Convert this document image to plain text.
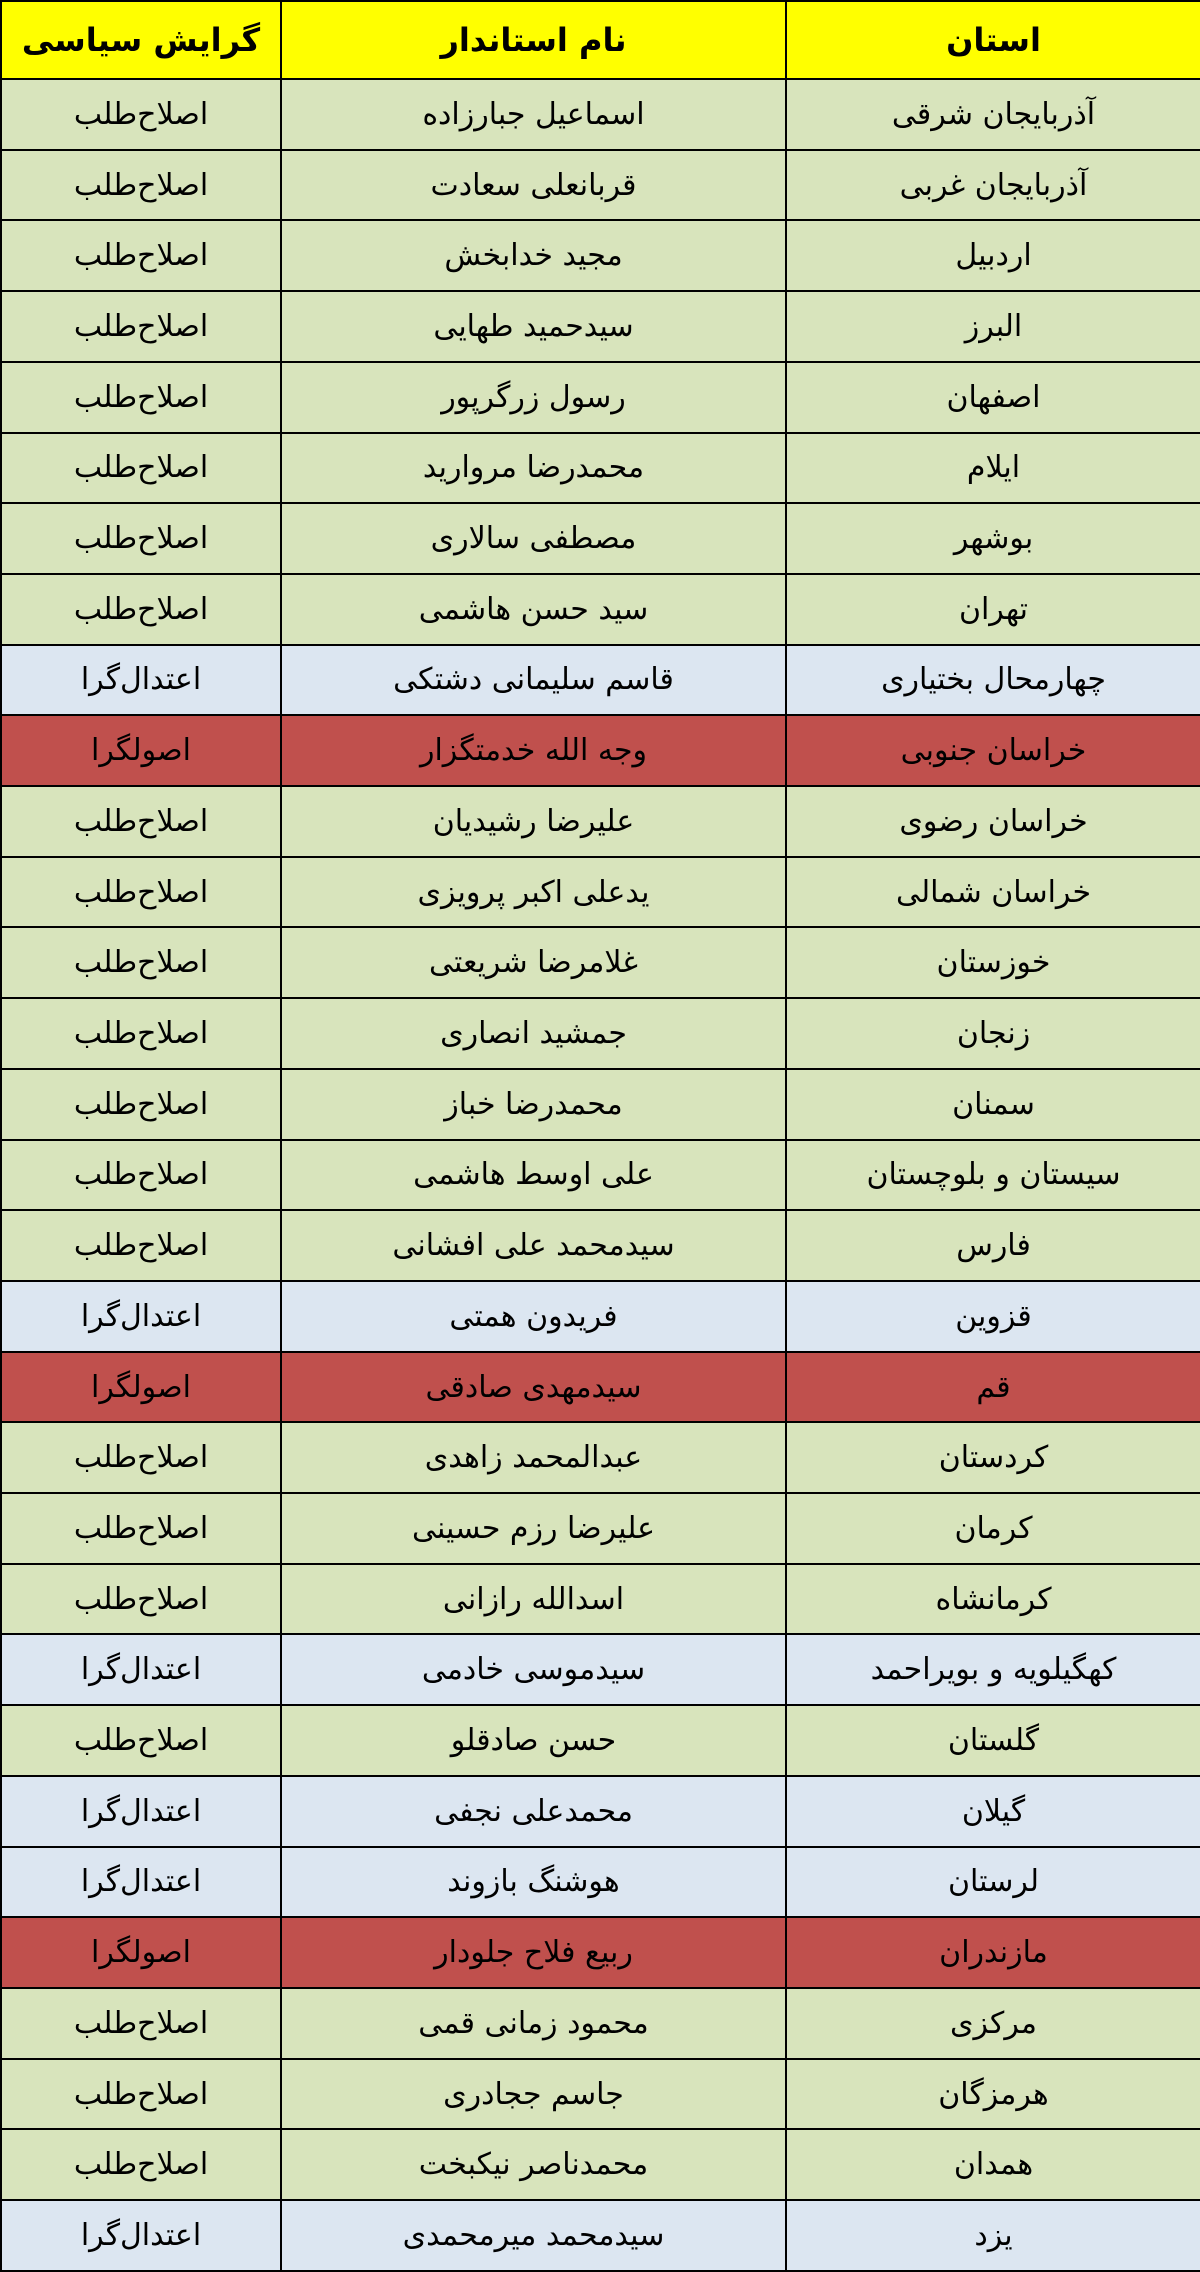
استان	نام استاندار	گرایش سیاسی
آذربایجان شرقی	اسماعیل جبارزاده	اصلاح‌طلب
آذربایجان غربی	قربانعلی سعادت	اصلاح‌طلب
اردبیل	مجید خدابخش	اصلاح‌طلب
البرز	سیدحمید طهایی	اصلاح‌طلب
اصفهان	رسول زرگرپور	اصلاح‌طلب
ایلام	محمدرضا مروارید	اصلاح‌طلب
بوشهر	مصطفی سالاری	اصلاح‌طلب
تهران	سید حسن هاشمی	اصلاح‌طلب
چهارمحال بختیاری	قاسم سلیمانی دشتکی	اعتدال‌گرا
خراسان جنوبی	وجه الله خدمتگزار	اصولگرا
خراسان رضوی	علیرضا رشیدیان	اصلاح‌طلب
خراسان شمالی	یدعلی اکبر پرویزی	اصلاح‌طلب
خوزستان	غلامرضا شریعتی	اصلاح‌طلب
زنجان	جمشید انصاری	اصلاح‌طلب
سمنان	محمدرضا خباز	اصلاح‌طلب
سیستان و بلوچستان	علی اوسط هاشمی	اصلاح‌طلب
فارس	سیدمحمد علی افشانی	اصلاح‌طلب
قزوین	فریدون همتی	اعتدال‌گرا
قم	سیدمهدی صادقی	اصولگرا
کردستان	عبدالمحمد زاهدی	اصلاح‌طلب
کرمان	علیرضا رزم حسینی	اصلاح‌طلب
کرمانشاه	اسدالله رازانی	اصلاح‌طلب
کهگیلویه و بویراحمد	سیدموسی خادمی	اعتدال‌گرا
گلستان	حسن صادقلو	اصلاح‌طلب
گیلان	محمدعلی نجفی	اعتدال‌گرا
لرستان	هوشنگ بازوند	اعتدال‌گرا
مازندران	ربیع فلاح جلودار	اصولگرا
مرکزی	محمود زمانی قمی	اصلاح‌طلب
هرمزگان	جاسم ججادری	اصلاح‌طلب
همدان	محمدناصر نیکبخت	اصلاح‌طلب
یزد	سیدمحمد میرمحمدی	اعتدال‌گرا
